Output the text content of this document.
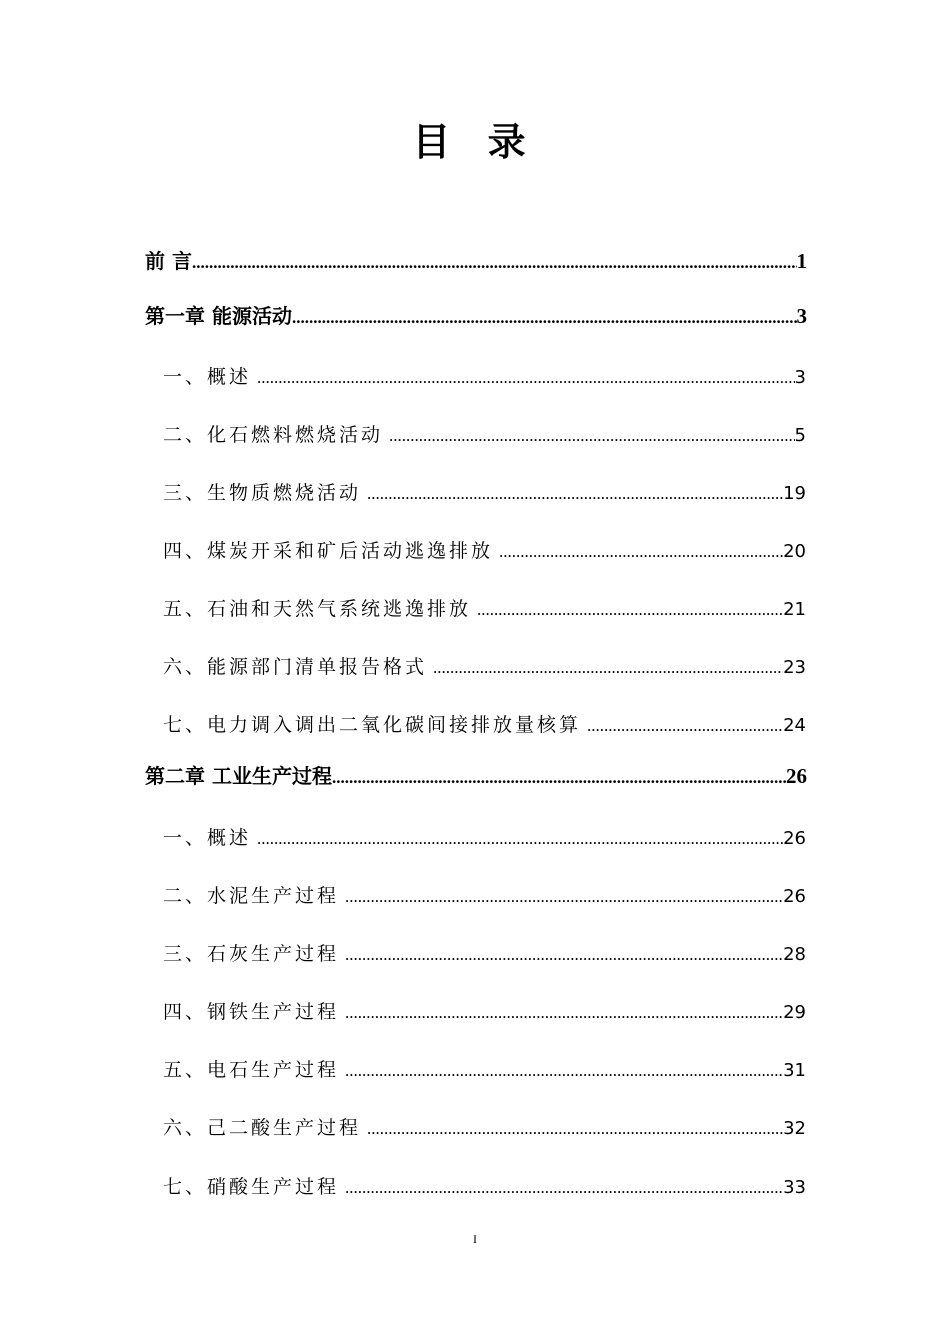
目 录
前 言 .....	1
第一章 能源活动 .....	3
一、概述 .....	3
二、化石燃料燃烧活动 .....	5
三、生物质燃烧活动 .....	19
四、煤炭开采和矿后活动逃逸排放 .....	20
五、石油和天然气系统逃逸排放 .....	21
六、能源部门清单报告格式 .....	23
七、电力调入调出二氧化碳间接排放量核算 .....	24
第二章 工业生产过程 .....	26
一、概述 .....	26
二、水泥生产过程 .....	26
三、石灰生产过程 .....	28
四、钢铁生产过程 .....	29
五、电石生产过程 .....	31
六、己二酸生产过程 .....	32
七、硝酸生产过程 .....	33
I
